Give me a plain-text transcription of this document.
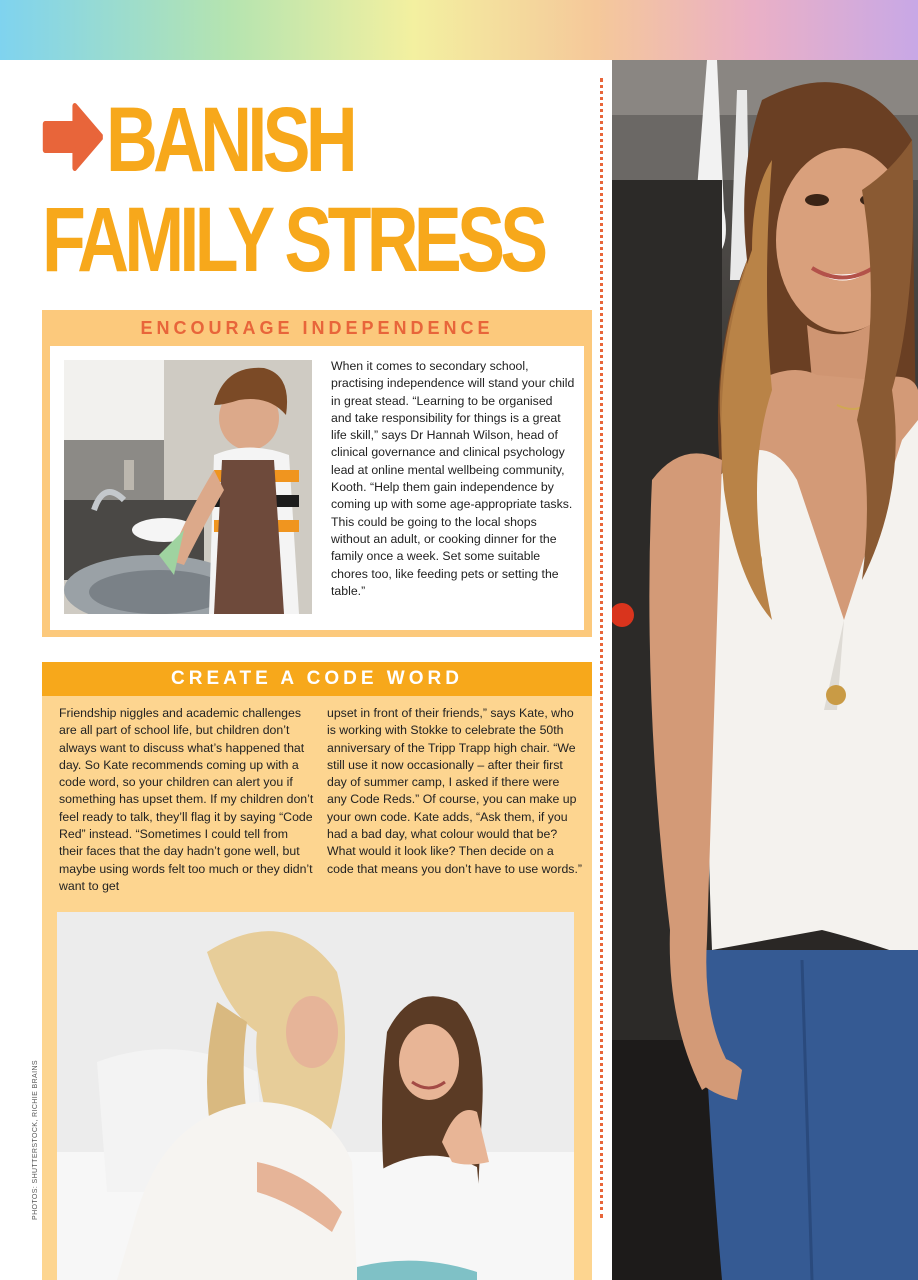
BANISH
FAMILY STRESS
ENCOURAGE INDEPENDENCE
When it comes to secondary school, practising independence will stand your child in great stead. “Learning to be organised and take responsibility for things is a great life skill,” says Dr Hannah Wilson, head of clinical governance and clinical psychology lead at online mental wellbeing community, Kooth. “Help them gain independence by coming up with some age-appropriate tasks. This could be going to the local shops without an adult, or cooking dinner for the family once a week. Set some suitable chores too, like feeding pets or setting the table.”
CREATE A CODE WORD
Friendship niggles and academic challenges are all part of school life, but children don’t always want to discuss what’s happened that day. So Kate recommends coming up with a code word, so your children can alert you if something has upset them. If my children don’t feel ready to talk, they’ll flag it by saying “Code Red” instead. “Sometimes I could tell from their faces that the day hadn’t gone well, but maybe using words felt too much or they didn’t want to get
upset in front of their friends,” says Kate, who is working with Stokke to celebrate the 50th anniversary of the Tripp Trapp high chair. “We still use it now occasionally – after their first day of summer camp, I asked if there were any Code Reds.” Of course, you can make up your own code. Kate adds, “Ask them, if you had a bad day, what colour would that be? What would it look like? Then decide on a code that means you don’t have to use words.”
PHOTOS: SHUTTERSTOCK, RICHIE BRAINS
